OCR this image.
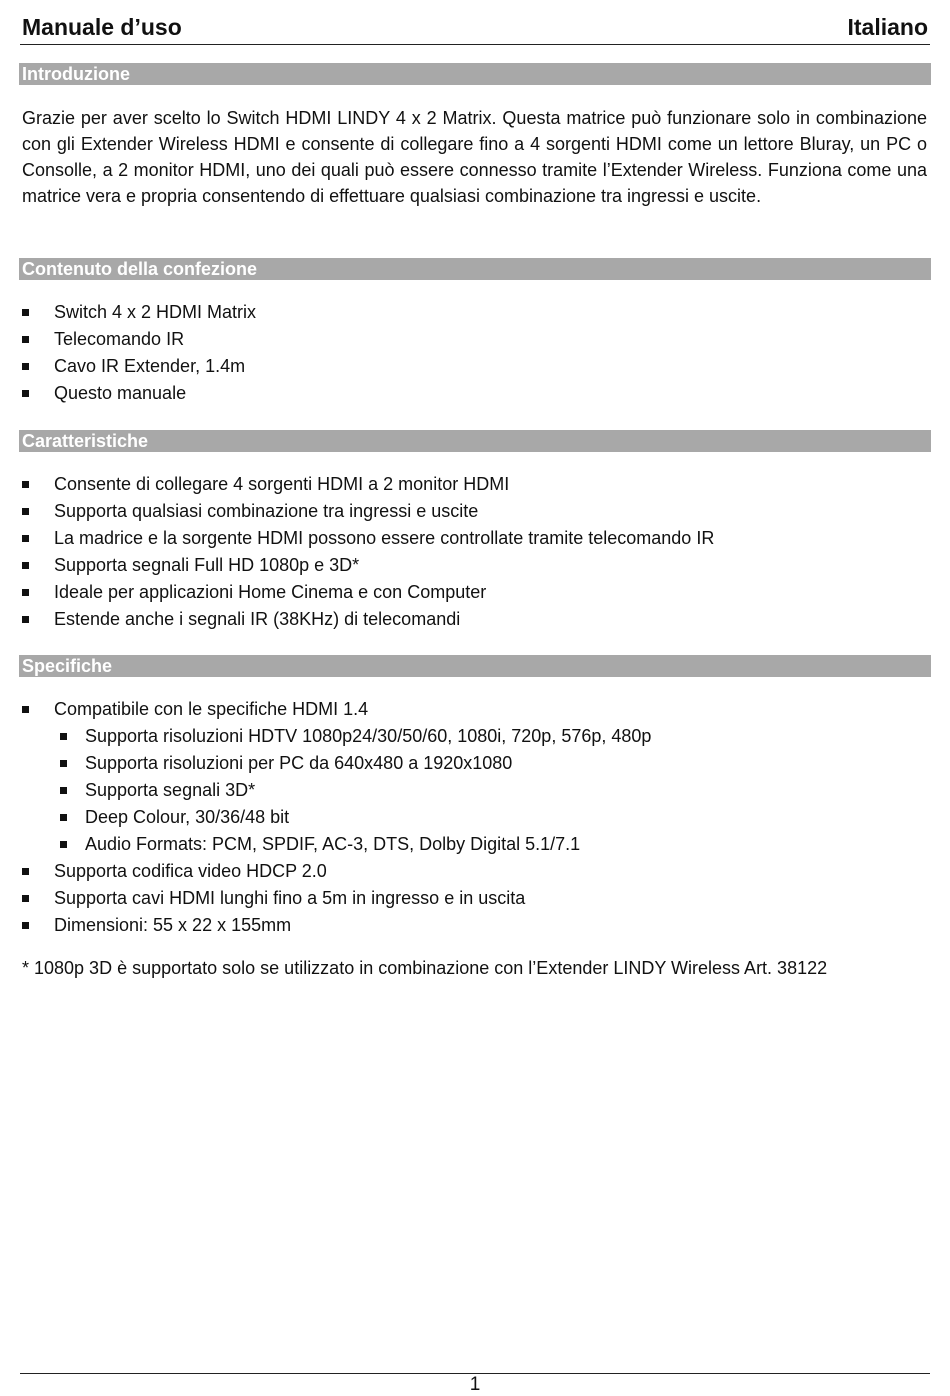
Manuale d’uso	Italiano
Introduzione

Grazie per aver scelto lo Switch HDMI LINDY 4 x 2 Matrix. Questa matrice può funzionare solo in combinazione con gli Extender Wireless HDMI e consente di collegare fino a 4 sorgenti HDMI come un lettore Bluray, un PC o Consolle, a 2 monitor HDMI, uno dei quali può essere connesso tramite l’Extender Wireless. Funziona come una matrice vera e propria consentendo di effettuare qualsiasi combinazione tra ingressi e uscite.

Contenuto della confezione
Switch 4 x 2 HDMI Matrix
Telecomando IR
Cavo IR Extender, 1.4m
Questo manuale
Caratteristiche
Consente di collegare 4 sorgenti HDMI a 2 monitor HDMI
Supporta qualsiasi combinazione tra ingressi e uscite
La madrice e la sorgente HDMI possono essere controllate tramite telecomando IR
Supporta segnali Full HD 1080p e 3D*
Ideale per applicazioni Home Cinema e con Computer
Estende anche i segnali IR (38KHz) di telecomandi
Specifiche
Compatibile con le specifiche HDMI 1.4
Supporta risoluzioni HDTV 1080p24/30/50/60, 1080i, 720p, 576p, 480p
Supporta risoluzioni per PC da 640x480 a 1920x1080
Supporta segnali 3D*
Deep Colour, 30/36/48 bit
Audio Formats: PCM, SPDIF, AC-3, DTS, Dolby Digital 5.1/7.1
Supporta codifica video HDCP 2.0
Supporta cavi HDMI lunghi fino a 5m in ingresso e in uscita
Dimensioni: 55 x 22 x 155mm
* 1080p 3D è supportato solo se utilizzato in combinazione con l’Extender LINDY Wireless Art. 38122
1
